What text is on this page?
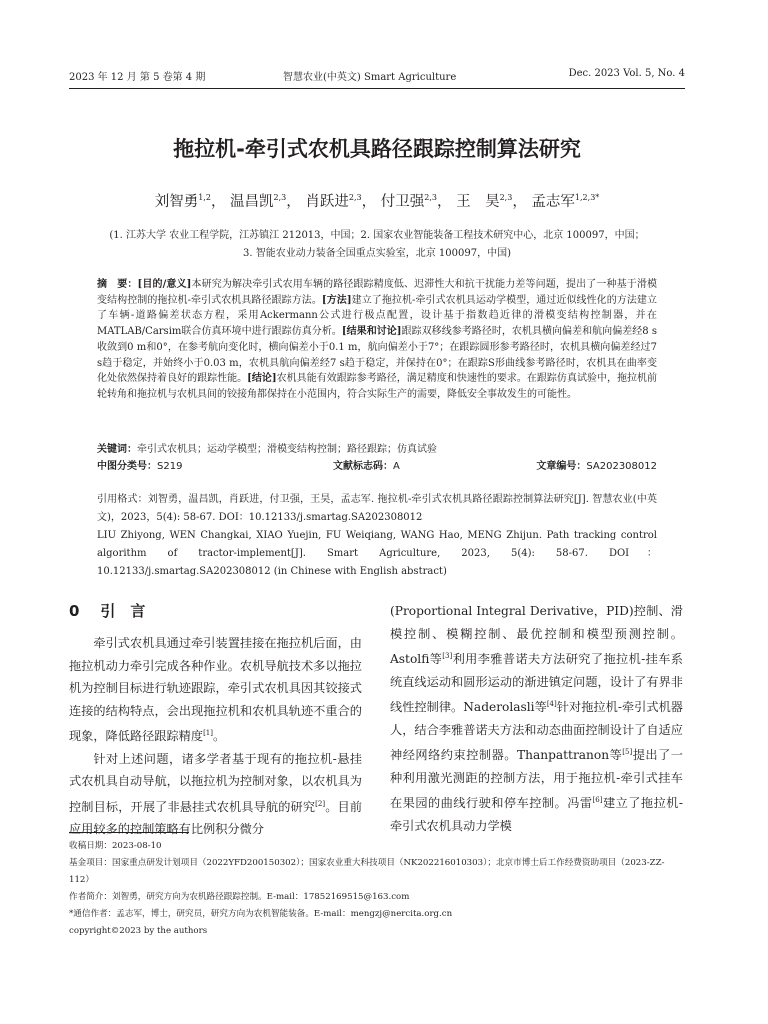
2023 年 12 月 第 5 卷第 4 期	智慧农业(中英文) Smart Agriculture	Dec. 2023 Vol. 5, No. 4
拖拉机-牵引式农机具路径跟踪控制算法研究
刘智勇$^{1,2}$， 温昌凯$^{2,3}$， 肖跃进$^{2,3}$， 付卫强$^{2,3}$， 王　昊$^{2,3}$， 孟志军$^{1,2,3*}$
(1. 江苏大学 农业工程学院，江苏镇江 212013，中国；2. 国家农业智能装备工程技术研究中心，北京 100097，中国；
3. 智能农业动力装备全国重点实验室，北京 100097，中国)

摘　要：[目的/意义]本研究为解决牵引式农用车辆的路径跟踪精度低、迟滞性大和抗干扰能力差等问题，提出了一种基于滑模变结构控制的拖拉机-牵引式农机具路径跟踪方法。[方法]建立了拖拉机-牵引式农机具运动学模型，通过近似线性化的方法建立了车辆-道路偏差状态方程，采用Ackermann公式进行极点配置，设计基于指数趋近律的滑模变结构控制器，并在MATLAB/Carsim联合仿真环境中进行跟踪仿真分析。[结果和讨论]跟踪双移线参考路径时，农机具横向偏差和航向偏差经8 s收敛到0 m和0°，在参考航向变化时，横向偏差小于0.1 m，航向偏差小于7°；在跟踪圆形参考路径时，农机具横向偏差经过7 s趋于稳定，并始终小于0.03 m，农机具航向偏差经7 s趋于稳定，并保持在0°；在跟踪S形曲线参考路径时，农机具在曲率变化处依然保持着良好的跟踪性能。[结论]农机具能有效跟踪参考路径，满足精度和快速性的要求。在跟踪仿真试验中，拖拉机前轮转角和拖拉机与农机具间的铰接角都保持在小范围内，符合实际生产的需要，降低安全事故发生的可能性。

关键词：牵引式农机具；运动学模型；滑模变结构控制；路径跟踪；仿真试验
中图分类号：S219	文献标志码：A	文章编号：SA202308012

引用格式：刘智勇，温昌凯，肖跃进，付卫强，王昊，孟志军. 拖拉机-牵引式农机具路径跟踪控制算法研究[J]. 智慧农业(中英文)，2023，5(4): 58-67. DOI：10.12133/j.smartag.SA202308012

LIU Zhiyong, WEN Changkai, XIAO Yuejin, FU Weiqiang, WANG Hao, MENG Zhijun. Path tracking control algorithm of tractor-implement[J]. Smart Agriculture, 2023, 5(4): 58-67. DOI：10.12133/j.smartag.SA202308012 (in Chinese with English abstract)

0 引　言

牵引式农机具通过牵引装置挂接在拖拉机后面，由拖拉机动力牵引完成各种作业。农机导航技术多以拖拉机为控制目标进行轨迹跟踪，牵引式农机具因其铰接式连接的结构特点，会出现拖拉机和农机具轨迹不重合的现象，降低路径跟踪精度[1]。

针对上述问题，诸多学者基于现有的拖拉机-悬挂式农机具自动导航，以拖拉机为控制对象，以农机具为控制目标，开展了非悬挂式农机具导航的研究[2]。目前应用较多的控制策略有比例积分微分

(Proportional Integral Derivative，PID)控制、滑模控制、模糊控制、最优控制和模型预测控制。Astolfi等[3]利用李雅普诺夫方法研究了拖拉机-挂车系统直线运动和圆形运动的渐进镇定问题，设计了有界非线性控制律。Naderolasli等[4]针对拖拉机-牵引式机器人，结合李雅普诺夫方法和动态曲面控制设计了自适应神经网络约束控制器。Thanpattranon等[5]提出了一种利用激光测距的控制方法，用于拖拉机-牵引式挂车在果园的曲线行驶和停车控制。冯雷[6]建立了拖拉机-牵引式农机具动力学模

收稿日期：2023-08-10

基金项目：国家重点研发计划项目（2022YFD200150302）；国家农业重大科技项目（NK202216010303）；北京市博士后工作经费资助项目（2023-ZZ-112）

作者简介：刘智勇，研究方向为农机路径跟踪控制。E-mail：17852169515@163.com

*通信作者：孟志军，博士，研究员，研究方向为农机智能装备。E-mail：mengzj@nercita.org.cn

copyright©2023 by the authors
